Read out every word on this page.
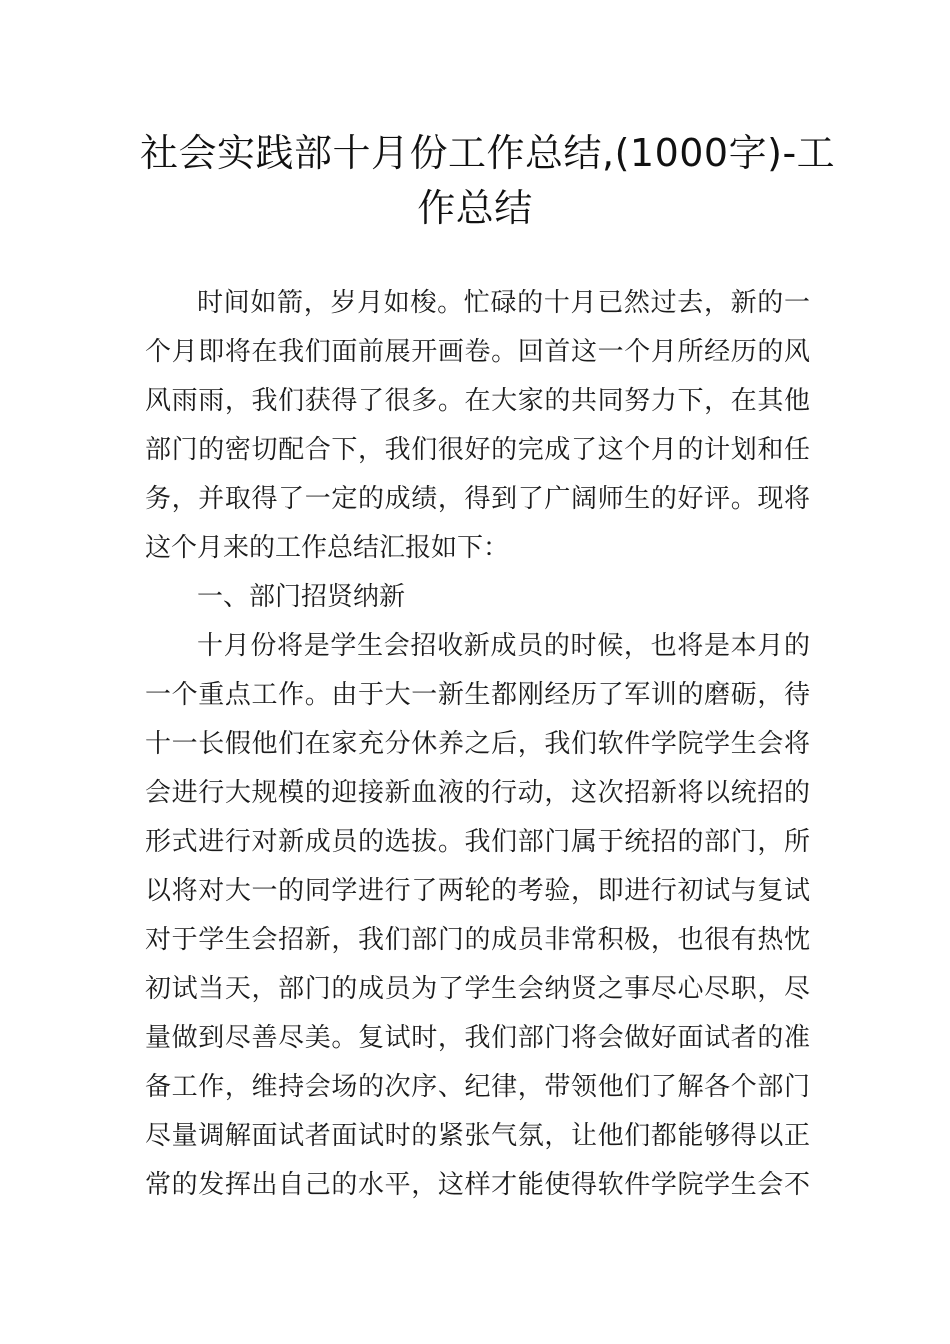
社会实践部十月份工作总结,(1000字)-工
作总结
时间如箭，岁月如梭。忙碌的十月已然过去，新的一
个月即将在我们面前展开画卷。回首这一个月所经历的风
风雨雨，我们获得了很多。在大家的共同努力下，在其他
部门的密切配合下，我们很好的完成了这个月的计划和任
务，并取得了一定的成绩，得到了广阔师生的好评。现将
这个月来的工作总结汇报如下：
一、部门招贤纳新
十月份将是学生会招收新成员的时候，也将是本月的
一个重点工作。由于大一新生都刚经历了军训的磨砺，待
十一长假他们在家充分休养之后，我们软件学院学生会将
会进行大规模的迎接新血液的行动，这次招新将以统招的
形式进行对新成员的选拔。我们部门属于统招的部门，所
以将对大一的同学进行了两轮的考验，即进行初试与复试
对于学生会招新，我们部门的成员非常积极，也很有热忱
初试当天，部门的成员为了学生会纳贤之事尽心尽职，尽
量做到尽善尽美。复试时，我们部门将会做好面试者的准
备工作，维持会场的次序、纪律，带领他们了解各个部门
尽量调解面试者面试时的紧张气氛，让他们都能够得以正
常的发挥出自己的水平，这样才能使得软件学院学生会不
